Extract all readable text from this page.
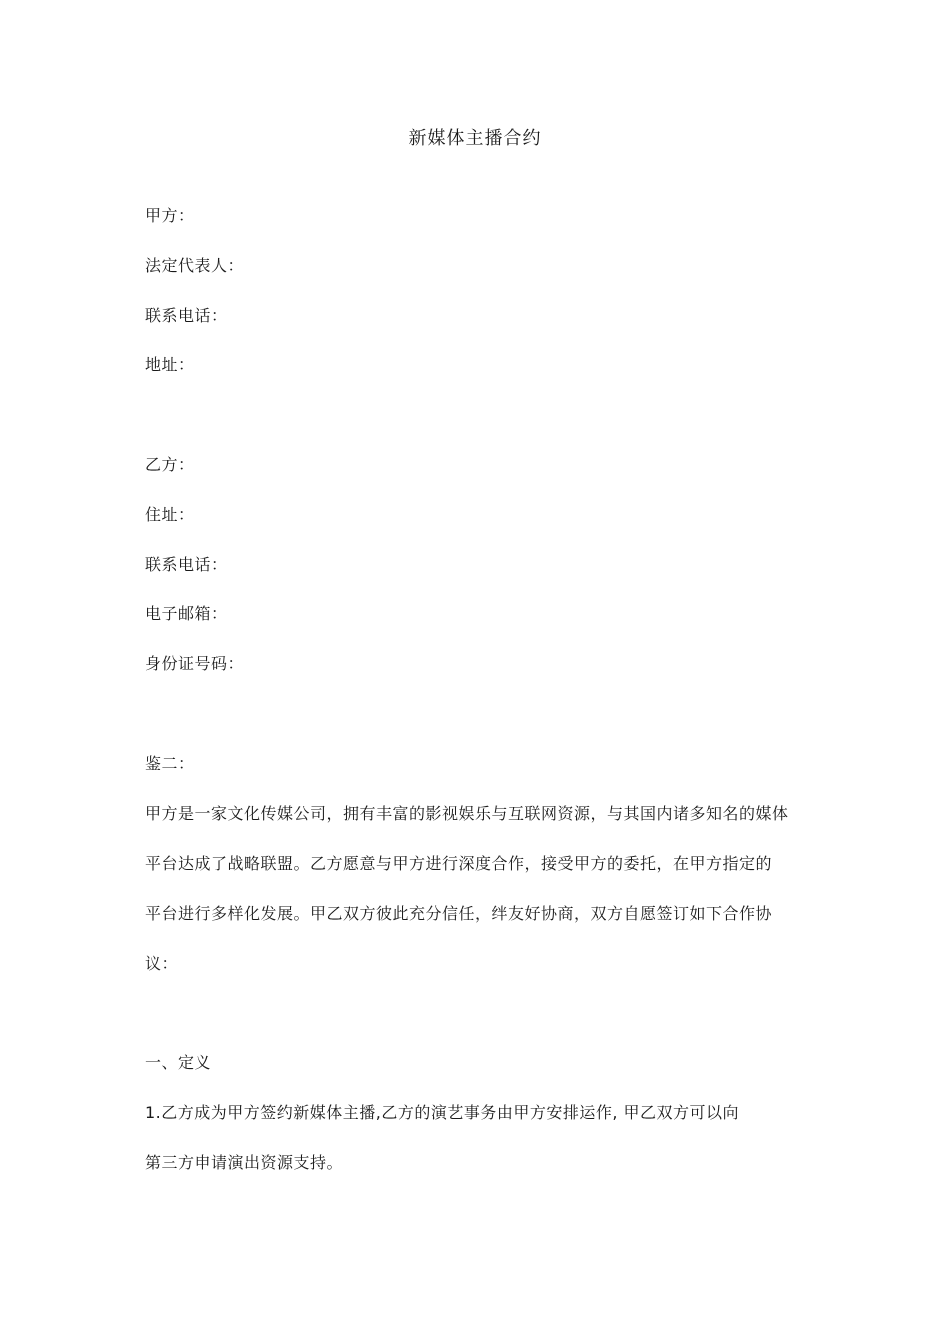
新媒体主播合约
甲方：
法定代表人：
联系电话：
地址：
乙方：
住址：
联系电话：
电子邮箱：
身份证号码：
鉴二：
甲方是一家文化传媒公司，拥有丰富的影视娱乐与互联网资源，与其国内诸多知名的媒体
平台达成了战略联盟。乙方愿意与甲方进行深度合作，接受甲方的委托，在甲方指定的
平台进行多样化发展。甲乙双方彼此充分信任，绊友好协商，双方自愿签订如下合作协
议：
一、定义
1.乙方成为甲方签约新媒体主播,乙方的演艺事务由甲方安排运作, 甲乙双方可以向
第三方申请演出资源支持。
